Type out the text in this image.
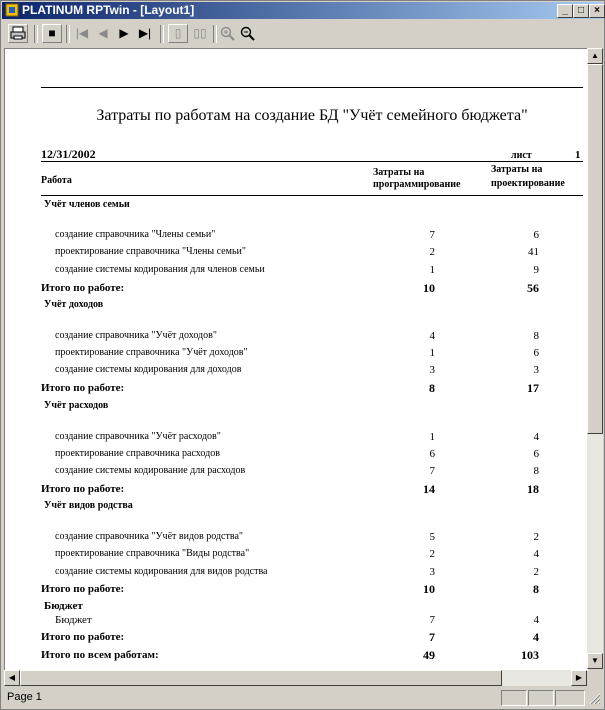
PLATINUM RPTwin - [Layout1]	_	□	×
■	|◀ ◀ ▶ ▶|	▯	▯▯
Затраты по работам на создание БД "Учёт семейного бюджета"
12/31/2002	лист	1
Работа
Затраты на
программирование
Затраты на
проектирование
Учёт членов семьи
создание справочника "Члены семьи"	7	6
проектирование справочника "Члены семьи"	2	41
создание системы кодирования для членов семьи	1	9
Итого по работе:	10	56
Учёт доходов
создание справочника "Учёт доходов"	4	8
проектирование справочника "Учёт доходов"	1	6
создание системы кодирования для доходов	3	3
Итого по работе:	8	17
Учёт расходов
создание справочника "Учёт расходов"	1	4
проектирование справочника расходов	6	6
создание системы кодирование для расходов	7	8
Итого по работе:	14	18
Учёт видов родства
создание справочника "Учёт видов родства"	5	2
проектирование справочника "Виды родства"	2	4
создание системы кодирования для видов родства	3	2
Итого по работе:	10	8
Бюджет
Бюджет	7	4
Итого по работе:	7	4
Итого по всем работам:	49	103
▲
▼
◀	▶
Page 1
